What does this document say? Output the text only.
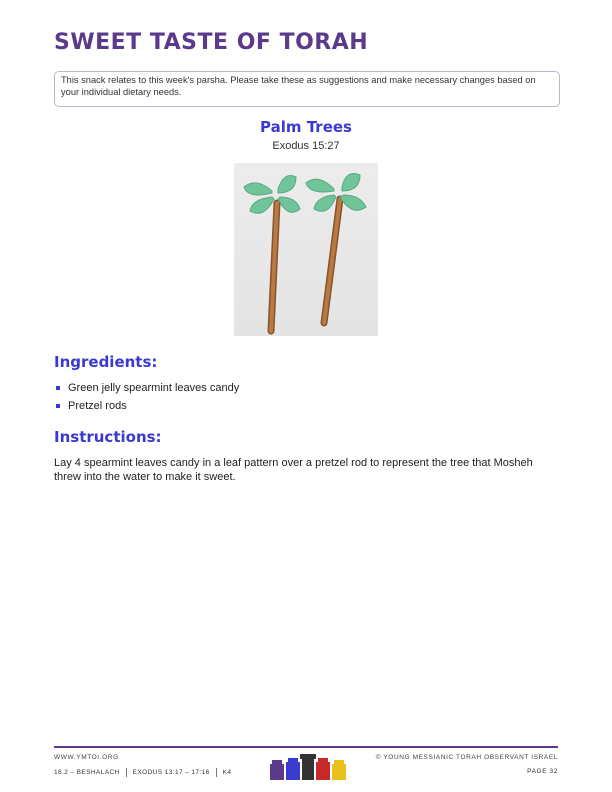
SWEET TASTE OF TORAH
This snack relates to this week's parsha. Please take these as suggestions and make necessary changes based on your individual dietary needs.
Palm Trees
Exodus 15:27
Ingredients:
Green jelly spearmint leaves candy
Pretzel rods
Instructions:
Lay 4 spearmint leaves candy in a leaf pattern over a pretzel rod to represent the tree that Mosheh threw into the water to make it sweet.
WWW.YMTOI.ORG
16.2 – BESHALACH EXODUS 13:17 – 17:16 K4
© YOUNG MESSIANIC TORAH OBSERVANT ISRAEL
PAGE 32
